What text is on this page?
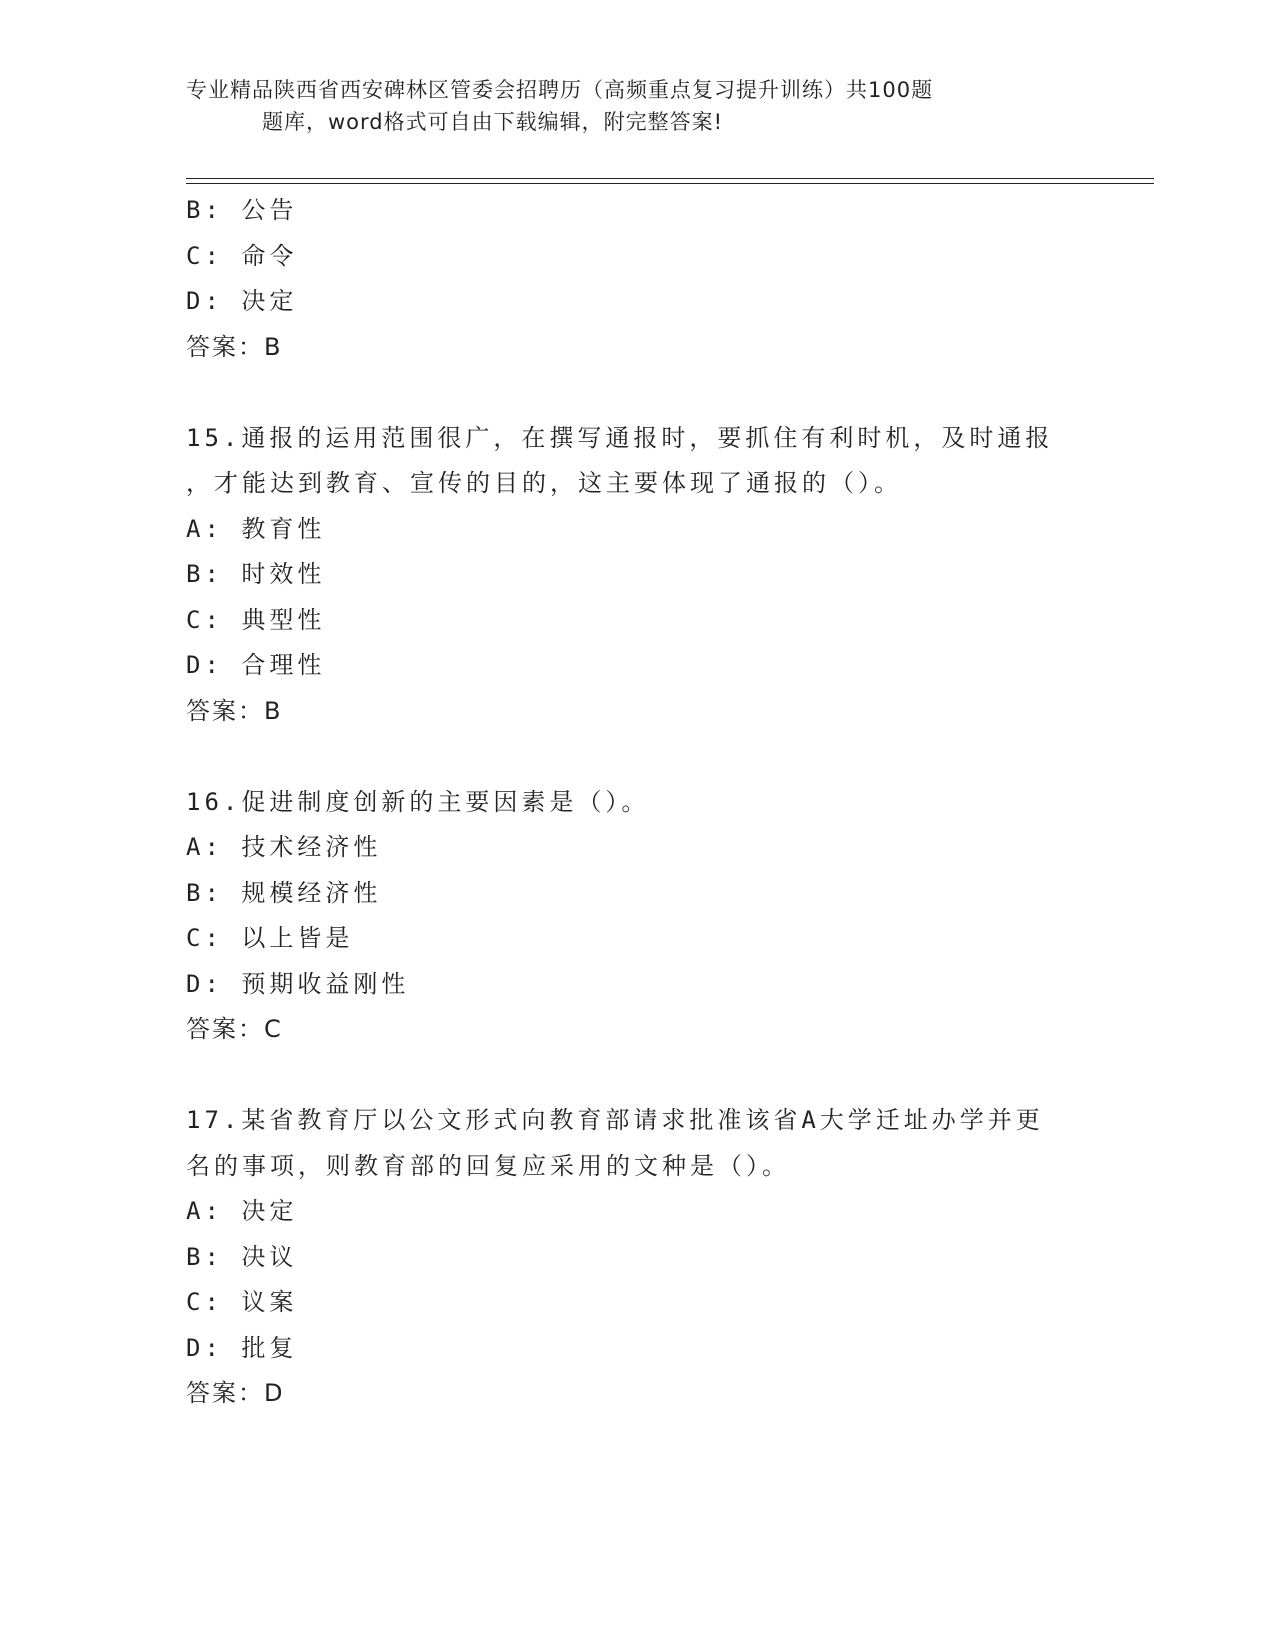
专业精品陕西省西安碑林区管委会招聘历（高频重点复习提升训练）共100题
题库，word格式可自由下载编辑，附完整答案!
B: 公告
C: 命令
D: 决定
答案：B
15.通报的运用范围很广，在撰写通报时，要抓住有利时机，及时通报
，才能达到教育、宣传的目的，这主要体现了通报的（）。
A: 教育性
B: 时效性
C: 典型性
D: 合理性
答案：B
16.促进制度创新的主要因素是（）。
A: 技术经济性
B: 规模经济性
C: 以上皆是
D: 预期收益刚性
答案：C
17.某省教育厅以公文形式向教育部请求批准该省A大学迁址办学并更
名的事项，则教育部的回复应采用的文种是（）。
A: 决定
B: 决议
C: 议案
D: 批复
答案：D
